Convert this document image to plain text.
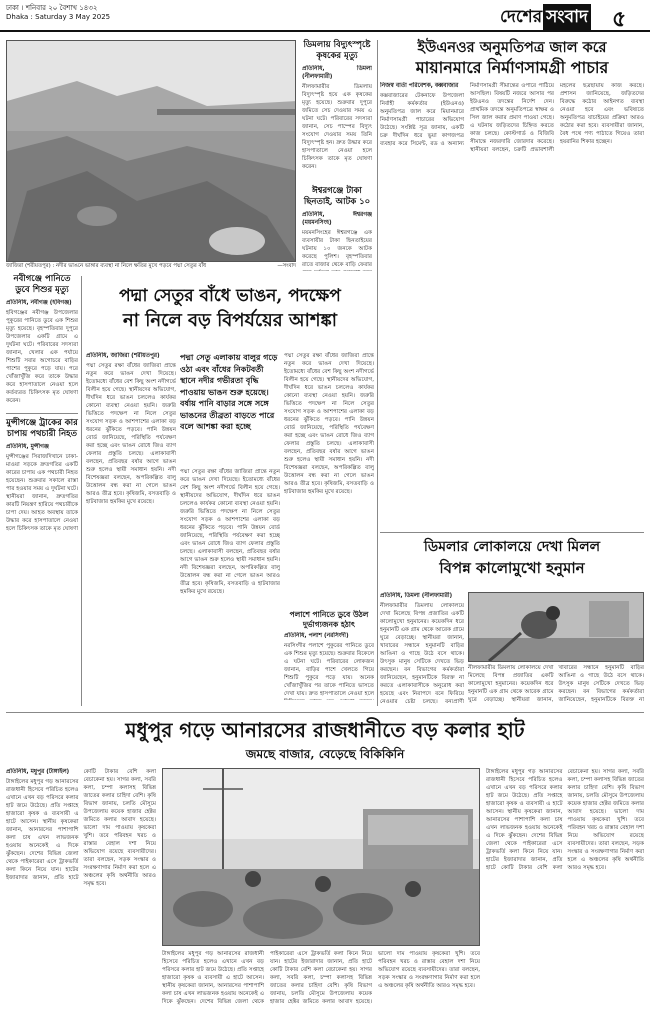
ঢাকা । শনিবার ২০ বৈশাখ ১৪৩২
Dhaka : Saturday 3 May 2025	দেশের সংবাদ ৫
জাজিরা (শরীয়তপুর) : নদীর ভাঙনে ভাঙ্গার ব্যবস্থা না নিলে ক্ষতির মুখে পড়বে পদ্মা সেতুর বাঁধ	—সংবাদ
ডিমলায় বিদ্যুৎস্পৃষ্টে কৃষকের মৃত্যু
প্রতিনিধি, ডিমলা (নীলফামারী)

নীলফামারীর ডিমলায় বিদ্যুৎস্পৃষ্ট হয়ে এক কৃষকের মৃত্যু হয়েছে। শুক্রবার দুপুরে জমিতে সেচ দেওয়ার সময় এ ঘটনা ঘটে। পরিবারের সদস্যরা জানান, সেচ পাম্পের বিদ্যুৎ সংযোগ দেওয়ার সময় তিনি বিদ্যুৎস্পৃষ্ট হন। দ্রুত উদ্ধার করে হাসপাতালে নেওয়া হলে চিকিৎসক তাকে মৃত ঘোষণা করেন।

ঈশ্বরগঞ্জে টাকা ছিনতাই, আটক ১০
প্রতিনিধি, ঈশ্বরগঞ্জ (ময়মনসিংহ)

ময়মনসিংহের ঈশ্বরগঞ্জে এক ব্যবসায়ীর টাকা ছিনতাইয়ের ঘটনায় ১০ জনকে আটক করেছে পুলিশ। বৃহস্পতিবার রাতে বাজার থেকে বাড়ি ফেরার

ইউএনওর অনুমতিপত্র জাল করে
মায়ানমারে নির্মাণসামগ্রী পাচার
নিজস্ব বার্তা পরিবেশক, কক্সবাজার

কক্সবাজারের টেকনাফে উপজেলা নির্বাহী কর্মকর্তার (ইউএনও) অনুমতিপত্র জাল করে মিয়ানমারে নির্মাণসামগ্রী পাচারের অভিযোগ উঠেছে। সংশ্লিষ্ট সূত্র জানায়, একটি চক্র দীর্ঘদিন ধরে ভুয়া কাগজপত্র ব্যবহার করে সিমেন্ট, রড ও অন্যান্য নির্মাণসামগ্রী সীমান্তের ওপারে পাঠিয়ে আসছিল। বিষয়টি নজরে আসার পর ইউএনও তদন্তের নির্দেশ দেন। প্রাথমিক তদন্তে অনুমতিপত্রে স্বাক্ষর ও সিল জাল করার প্রমাণ পাওয়া গেছে। এ ঘটনায় জড়িতদের চিহ্নিত করতে কাজ চলছে। কোস্টগার্ড ও বিজিবি সীমান্তে নজরদারি জোরদার করেছে। স্থানীয়রা বলছেন, চক্রটি প্রভাবশালী মহলের ছত্রছায়ায় কাজ করছে। প্রশাসন জানিয়েছে, জড়িতদের বিরুদ্ধে কঠোর আইনগত ব্যবস্থা নেওয়া হবে এবং ভবিষ্যতে অনুমতিপত্র যাচাইয়ের প্রক্রিয়া আরও কঠোর করা হবে। ব্যবসায়ীরা জানান, বৈধ পথে পণ্য পাঠাতে গিয়েও তারা হয়রানির শিকার হচ্ছেন।

নবীগঞ্জে পানিতে ডুবে শিশুর মৃত্যু
প্রতিনিধি, নবীগঞ্জ (হবিগঞ্জ)

হবিগঞ্জের নবীগঞ্জ উপজেলার পুকুরের পানিতে ডুবে এক শিশুর মৃত্যু হয়েছে। বৃহস্পতিবার দুপুরে উপজেলার একটি গ্রামে এ দুর্ঘটনা ঘটে। পরিবারের সদস্যরা জানান, খেলার এক পর্যায়ে শিশুটি সবার অগোচরে বাড়ির পাশের পুকুরে পড়ে যায়। পরে খোঁজাখুঁজি করে তাকে উদ্ধার করে হাসপাতালে নেওয়া হলে কর্তব্যরত চিকিৎসক মৃত ঘোষণা করেন।

মুন্সীগঞ্জে ট্রাকের কার চাপায় পথচারী নিহত
প্রতিনিধি, মুন্সীগঞ্জ

মুন্সীগঞ্জের সিরাজদিখানে ঢাকা-মাওয়া সড়কে দ্রুতগতির একটি কারের চাপায় এক পথচারী নিহত হয়েছেন। শুক্রবার সকালে রাস্তা পার হওয়ার সময় এ দুর্ঘটনা ঘটে। স্থানীয়রা জানান, দ্রুতগতির কারটি নিয়ন্ত্রণ হারিয়ে পথচারীকে চাপা দেয়। আহত অবস্থায় তাকে উদ্ধার করে হাসপাতালে নেওয়া হলে চিকিৎসক তাকে মৃত ঘোষণা

পদ্মা সেতুর বাঁধে ভাঙন, পদক্ষেপ
না নিলে বড় বিপর্যয়ের আশঙ্কা
প্রতিনিধি, জাজিরা (শরীয়তপুর)

পদ্মা সেতুর রক্ষা বাঁধের জাজিরা প্রান্তে নতুন করে ভাঙন দেখা দিয়েছে। ইতোমধ্যে বাঁধের বেশ কিছু অংশ নদীগর্ভে বিলীন হয়ে গেছে। স্থানীয়দের অভিযোগ, দীর্ঘদিন ধরে ভাঙন চললেও কার্যকর কোনো ব্যবস্থা নেওয়া হয়নি। জরুরি ভিত্তিতে পদক্ষেপ না নিলে সেতুর সংযোগ সড়ক ও আশপাশের এলাকা বড় ধরনের ঝুঁকিতে পড়বে। পানি উন্নয়ন বোর্ড জানিয়েছে, পরিস্থিতি পর্যবেক্ষণ করা হচ্ছে এবং ভাঙন রোধে জিও ব্যাগ ফেলার প্রস্তুতি চলছে। এলাকাবাসী বলছেন, প্রতিবছর বর্ষার আগে ভাঙন শুরু হলেও স্থায়ী সমাধান হয়নি। নদী বিশেষজ্ঞরা বলছেন, অপরিকল্পিত বালু উত্তোলন বন্ধ করা না গেলে ভাঙন আরও তীব্র হবে। কৃষিজমি, বসতবাড়ি ও হাটবাজার হুমকির মুখে রয়েছে।

পদ্মা সেতু এলাকায় বালুর গড়ে ওঠা এবং বাঁধের নিকটবর্তী স্থানে নদীর গভীরতা বৃদ্ধি পাওয়ায় ভাঙন শুরু হয়েছে। বর্ষায় পানি বাড়ার সঙ্গে সঙ্গে ভাঙনের তীব্রতা বাড়তে পারে বলে আশঙ্কা করা হচ্ছে

পদ্মা সেতুর রক্ষা বাঁধের জাজিরা প্রান্তে নতুন করে ভাঙন দেখা দিয়েছে। ইতোমধ্যে বাঁধের বেশ কিছু অংশ নদীগর্ভে বিলীন হয়ে গেছে। স্থানীয়দের অভিযোগ, দীর্ঘদিন ধরে ভাঙন চললেও কার্যকর কোনো ব্যবস্থা নেওয়া হয়নি। জরুরি ভিত্তিতে পদক্ষেপ না নিলে সেতুর সংযোগ সড়ক ও আশপাশের এলাকা বড় ধরনের ঝুঁকিতে পড়বে। পানি উন্নয়ন বোর্ড জানিয়েছে, পরিস্থিতি পর্যবেক্ষণ করা হচ্ছে এবং ভাঙন রোধে জিও ব্যাগ ফেলার প্রস্তুতি চলছে। এলাকাবাসী বলছেন, প্রতিবছর বর্ষার আগে ভাঙন শুরু হলেও স্থায়ী সমাধান হয়নি। নদী বিশেষজ্ঞরা বলছেন, অপরিকল্পিত বালু উত্তোলন বন্ধ করা না গেলে ভাঙন আরও তীব্র হবে। কৃষিজমি, বসতবাড়ি ও হাটবাজার হুমকির মুখে রয়েছে।

পদ্মা সেতুর রক্ষা বাঁধের জাজিরা প্রান্তে নতুন করে ভাঙন দেখা দিয়েছে। ইতোমধ্যে বাঁধের বেশ কিছু অংশ নদীগর্ভে বিলীন হয়ে গেছে। স্থানীয়দের অভিযোগ, দীর্ঘদিন ধরে ভাঙন চললেও কার্যকর কোনো ব্যবস্থা নেওয়া হয়নি। জরুরি ভিত্তিতে পদক্ষেপ না নিলে সেতুর সংযোগ সড়ক ও আশপাশের এলাকা বড় ধরনের ঝুঁকিতে পড়বে। পানি উন্নয়ন বোর্ড জানিয়েছে, পরিস্থিতি পর্যবেক্ষণ করা হচ্ছে এবং ভাঙন রোধে জিও ব্যাগ ফেলার প্রস্তুতি চলছে। এলাকাবাসী বলছেন, প্রতিবছর বর্ষার আগে ভাঙন শুরু হলেও স্থায়ী সমাধান হয়নি। নদী বিশেষজ্ঞরা বলছেন, অপরিকল্পিত বালু উত্তোলন বন্ধ করা না গেলে ভাঙন আরও তীব্র হবে। কৃষিজমি, বসতবাড়ি ও হাটবাজার হুমকির মুখে রয়েছে।

পলাশে পানিতে ডুবে উঠল দুর্ভাগ্যজনক হঠাৎ
প্রতিনিধি, পলাশ (নরসিংদী)

নরসিংদীর পলাশে পুকুরের পানিতে ডুবে এক শিশুর মৃত্যু হয়েছে। শুক্রবার বিকেলে এ ঘটনা ঘটে। পরিবারের লোকজন জানান, বাড়ির পাশে খেলতে গিয়ে শিশুটি পুকুরে পড়ে যায়। অনেক খোঁজাখুঁজির পর তাকে পানিতে ভাসতে দেখা যায়। দ্রুত হাসপাতালে নেওয়া হলে

ডিমলার লোকালয়ে দেখা মিলল
বিপন্ন কালোমুখো হনুমান
প্রতিনিধি, ডিমলা (নীলফামারী)

নীলফামারীর ডিমলায় লোকালয়ে দেখা মিলেছে বিপন্ন প্রজাতির একটি কালোমুখো হনুমানের। কয়েকদিন ধরে হনুমানটি এক গ্রাম থেকে আরেক গ্রামে ঘুরে বেড়াচ্ছে। স্থানীয়রা জানান, খাবারের সন্ধানে হনুমানটি বাড়ির আঙিনা ও গাছে উঠে বসে থাকে। উৎসুক মানুষ সেটিকে দেখতে ভিড় করছেন। বন বিভাগের কর্মকর্তারা জানিয়েছেন, হনুমানটিকে বিরক্ত না করতে এলাকাবাসীকে অনুরোধ করা হয়েছে এবং নিরাপদে বনে ফিরিয়ে নেওয়ার চেষ্টা চলছে। বন্যপ্রাণী

নীলফামারীর ডিমলায় লোকালয়ে দেখা মিলেছে বিপন্ন প্রজাতির একটি কালোমুখো হনুমানের। কয়েকদিন ধরে হনুমানটি এক গ্রাম থেকে আরেক গ্রামে ঘুরে বেড়াচ্ছে। স্থানীয়রা জানান, খাবারের সন্ধানে হনুমানটি বাড়ির আঙিনা ও গাছে উঠে বসে থাকে। উৎসুক মানুষ সেটিকে দেখতে ভিড় করছেন। বন বিভাগের কর্মকর্তারা জানিয়েছেন, হনুমানটিকে বিরক্ত না

মধুপুর গড়ে আনারসের রাজধানীতে বড় কলার হাট
জমছে বাজার, বেড়েছে বিকিকিনি
প্রতিনিধি, মধুপুর (টাঙ্গাইল)

টাঙ্গাইলের মধুপুর গড় আনারসের রাজধানী হিসেবে পরিচিত হলেও এখানে এখন বড় পরিসরে কলার হাট জমে উঠেছে। প্রতি সপ্তাহে হাজারো কৃষক ও ব্যবসায়ী এ হাটে আসেন। স্থানীয় কৃষকেরা জানান, আনারসের পাশাপাশি কলা চাষ এখন লাভজনক হওয়ায় অনেকেই এ দিকে ঝুঁকছেন। দেশের বিভিন্ন জেলা থেকে পাইকারেরা এসে ট্রাকভর্তি কলা কিনে নিয়ে যান। হাটের ইজারাদার জানান, প্রতি হাটে কোটি টাকার বেশি কলা বেচাকেনা হয়। সাগর কলা, সবরি কলা, চম্পা কলাসহ বিভিন্ন জাতের কলার চাহিদা বেশি। কৃষি বিভাগ জানায়, চলতি মৌসুমে উপজেলায় কয়েক হাজার হেক্টর জমিতে কলার আবাদ হয়েছে। ভালো দাম পাওয়ায় কৃষকেরা খুশি। তবে পরিবহন খরচ ও রাস্তার বেহাল দশা নিয়ে অভিযোগ রয়েছে ব্যবসায়ীদের। তারা বলছেন, সড়ক সংস্কার ও সংরক্ষণাগার নির্মাণ করা হলে এ অঞ্চলের কৃষি অর্থনীতি আরও সমৃদ্ধ হবে।

টাঙ্গাইলের মধুপুর গড় আনারসের রাজধানী হিসেবে পরিচিত হলেও এখানে এখন বড় পরিসরে কলার হাট জমে উঠেছে। প্রতি সপ্তাহে হাজারো কৃষক ও ব্যবসায়ী এ হাটে আসেন। স্থানীয় কৃষকেরা জানান, আনারসের পাশাপাশি কলা চাষ এখন লাভজনক হওয়ায় অনেকেই এ দিকে ঝুঁকছেন। দেশের বিভিন্ন জেলা থেকে পাইকারেরা এসে ট্রাকভর্তি কলা কিনে নিয়ে যান। হাটের ইজারাদার জানান, প্রতি হাটে কোটি টাকার বেশি কলা বেচাকেনা হয়। সাগর কলা, সবরি কলা, চম্পা কলাসহ বিভিন্ন জাতের কলার চাহিদা বেশি। কৃষি বিভাগ জানায়, চলতি মৌসুমে উপজেলায় কয়েক হাজার হেক্টর জমিতে কলার আবাদ হয়েছে। ভালো দাম পাওয়ায় কৃষকেরা খুশি। তবে পরিবহন খরচ ও রাস্তার বেহাল দশা নিয়ে অভিযোগ রয়েছে ব্যবসায়ীদের। তারা বলছেন, সড়ক সংস্কার ও সংরক্ষণাগার নির্মাণ করা হলে এ অঞ্চলের কৃষি অর্থনীতি আরও সমৃদ্ধ হবে।

টাঙ্গাইলের মধুপুর গড় আনারসের রাজধানী হিসেবে পরিচিত হলেও এখানে এখন বড় পরিসরে কলার হাট জমে উঠেছে। প্রতি সপ্তাহে হাজারো কৃষক ও ব্যবসায়ী এ হাটে আসেন। স্থানীয় কৃষকেরা জানান, আনারসের পাশাপাশি কলা চাষ এখন লাভজনক হওয়ায় অনেকেই এ দিকে ঝুঁকছেন। দেশের বিভিন্ন জেলা থেকে পাইকারেরা এসে ট্রাকভর্তি কলা কিনে নিয়ে যান। হাটের ইজারাদার জানান, প্রতি হাটে কোটি টাকার বেশি কলা বেচাকেনা হয়। সাগর কলা, সবরি কলা, চম্পা কলাসহ বিভিন্ন জাতের কলার চাহিদা বেশি। কৃষি বিভাগ জানায়, চলতি মৌসুমে উপজেলায় কয়েক হাজার হেক্টর জমিতে কলার আবাদ হয়েছে। ভালো দাম পাওয়ায় কৃষকেরা খুশি। তবে পরিবহন খরচ ও রাস্তার বেহাল দশা নিয়ে অভিযোগ রয়েছে ব্যবসায়ীদের। তারা বলছেন, সড়ক সংস্কার ও সংরক্ষণাগার নির্মাণ করা হলে এ অঞ্চলের কৃষি অর্থনীতি আরও সমৃদ্ধ হবে।
